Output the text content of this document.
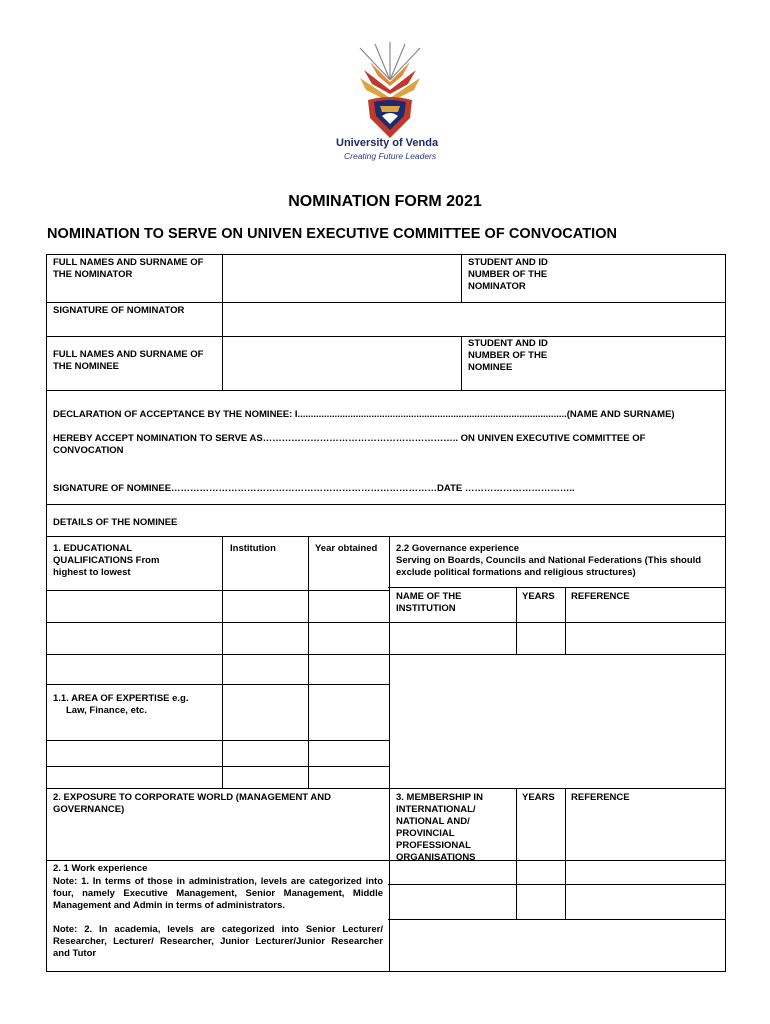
University of Venda
Creating Future Leaders
NOMINATION FORM 2021
NOMINATION TO SERVE ON UNIVEN EXECUTIVE COMMITTEE OF CONVOCATION
FULL NAMES AND SURNAME OF THE NOMINATOR
STUDENT AND ID NUMBER OF THE NOMINATOR
SIGNATURE OF NOMINATOR
FULL NAMES AND SURNAME OF THE NOMINEE
STUDENT AND ID NUMBER OF THE NOMINEE
DECLARATION OF ACCEPTANCE BY THE NOMINEE: I......................................................................................................(NAME AND SURNAME)
HEREBY ACCEPT NOMINATION TO SERVE AS…………………………………………………….. ON UNIVEN EXECUTIVE COMMITTEE OF CONVOCATION
SIGNATURE OF NOMINEE…………………………………………………………………………DATE ……………………………..
DETAILS OF THE NOMINEE
1. EDUCATIONAL QUALIFICATIONS From highest to lowest
Institution	Year obtained 2.2 Governance experience
Serving on Boards, Councils and National Federations (This should exclude political formations and religious structures)
NAME OF THE INSTITUTION
YEARS REFERENCE
1.1. AREA OF EXPERTISE e.g.
Law, Finance, etc.
2. EXPOSURE TO CORPORATE WORLD (MANAGEMENT AND GOVERNANCE)
3. MEMBERSHIP IN INTERNATIONAL/ NATIONAL AND/ PROVINCIAL PROFESSIONAL ORGANISATIONS
YEARS REFERENCE
2. 1 Work experience
Note: 1. In terms of those in administration, levels are categorized into four, namely Executive Management, Senior Management, Middle Management and Admin in terms of administrators.
Note: 2. In academia, levels are categorized into Senior Lecturer/ Researcher, Lecturer/ Researcher, Junior Lecturer/Junior Researcher and Tutor
